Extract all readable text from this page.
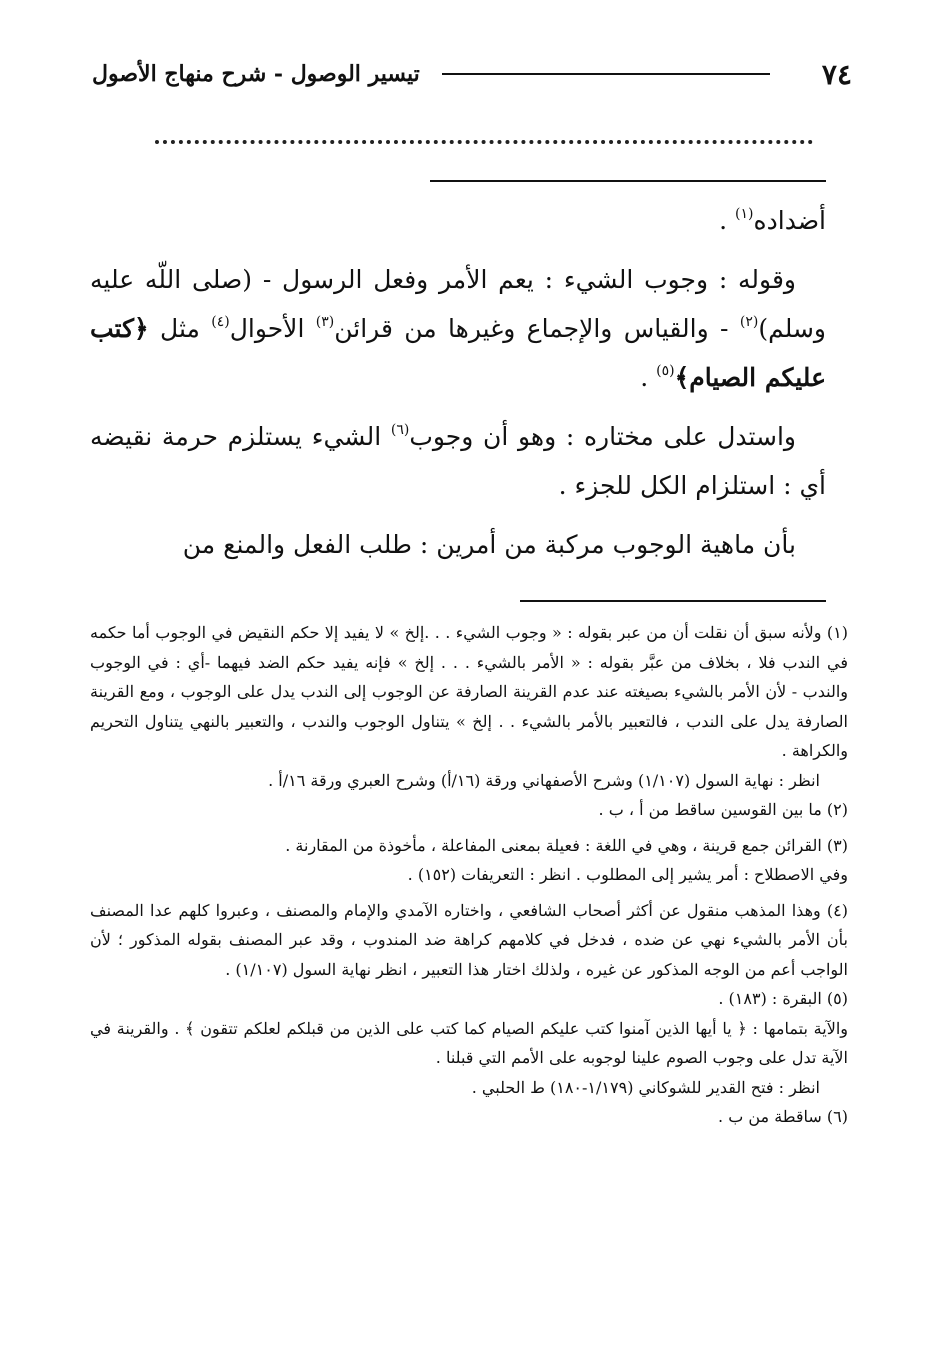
٧٤
تيسير الوصول - شرح منهاج الأصول

أضداده$^{(١)}$ .

وقوله : وجوب الشيء : يعم الأمر وفعل الرسول - (صلى اللّه عليه وسلم)$^{(٢)}$ - والقياس والإجماع وغيرها من قرائن$^{(٣)}$ الأحوال$^{(٤)}$ مثل ﴿كتب عليكم الصيام﴾$^{(٥)}$ .

واستدل على مختاره : وهو أن وجوب$^{(٦)}$ الشيء يستلزم حرمة نقيضه أي : استلزام الكل للجزء .

بأن ماهية الوجوب مركبة من أمرين : طلب الفعل والمنع من

(١) ولأنه سبق أن نقلت أن من عبر بقوله : « وجوب الشيء . . .إلخ » لا يفيد إلا حكم النقيض في الوجوب أما حكمه في الندب فلا ، بخلاف من عبَّر بقوله : « الأمر بالشيء . . . إلخ » فإنه يفيد حكم الضد فيهما -أي : في الوجوب والندب - لأن الأمر بالشيء بصيغته عند عدم القرينة الصارفة عن الوجوب إلى الندب يدل على الوجوب ، ومع القرينة الصارفة يدل على الندب ، فالتعبير بالأمر بالشيء . . إلخ » يتناول الوجوب والندب ، والتعبير بالنهي يتناول التحريم والكراهة .

انظر : نهاية السول (١/١٠٧) وشرح الأصفهاني ورقة (١٦/أ) وشرح العبري ورقة ١٦/أ .

(٢) ما بين القوسين ساقط من أ ، ب .

(٣) القرائن جمع قرينة ، وهي في اللغة : فعيلة بمعنى المفاعلة ، مأخوذة من المقارنة .

وفي الاصطلاح : أمر يشير إلى المطلوب . انظر : التعريفات (١٥٢) .

(٤) وهذا المذهب منقول عن أكثر أصحاب الشافعي ، واختاره الآمدي والإمام والمصنف ، وعبروا كلهم عدا المصنف بأن الأمر بالشيء نهي عن ضده ، فدخل في كلامهم كراهة ضد المندوب ، وقد عبر المصنف بقوله المذكور ؛ لأن الواجب أعم من الوجه المذكور عن غيره ، ولذلك اختار هذا التعبير ، انظر نهاية السول (١/١٠٧) .

(٥) البقرة : (١٨٣) .

والآية بتمامها : ﴿ يا أيها الذين آمنوا كتب عليكم الصيام كما كتب على الذين من قبلكم لعلكم تتقون ﴾ . والقرينة في الآية تدل على وجوب الصوم علينا لوجوبه على الأمم التي قبلنا .

انظر : فتح القدير للشوكاني (١/١٧٩-١٨٠) ط الحلبي .

(٦) ساقطة من ب .
